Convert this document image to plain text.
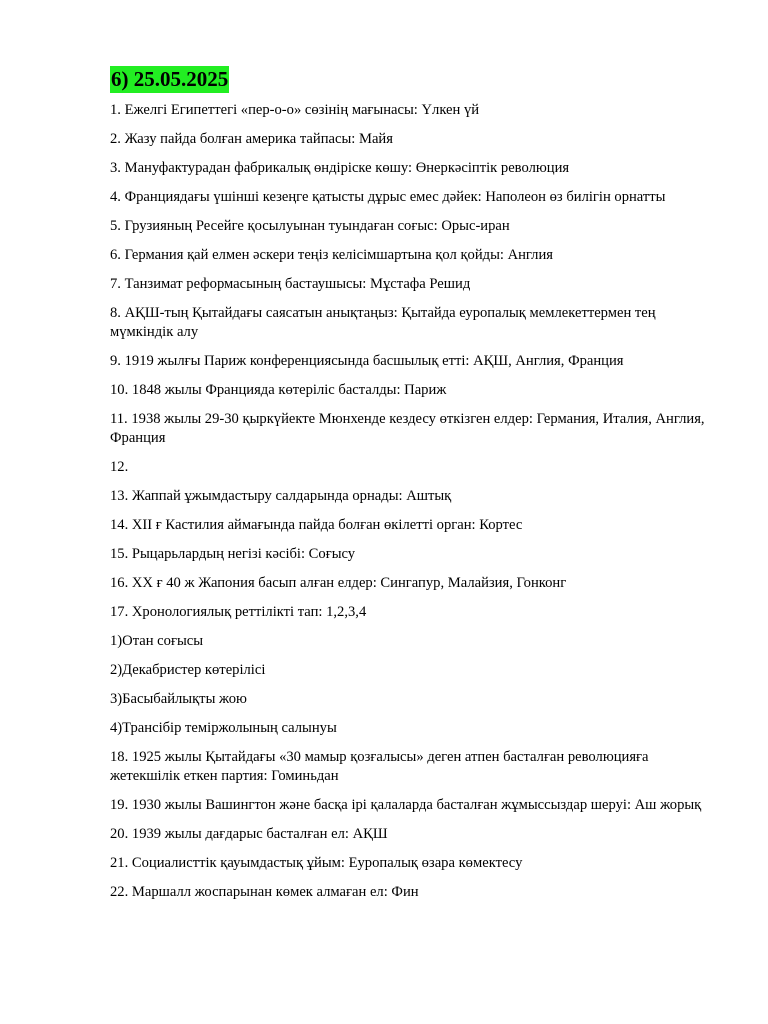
6) 25.05.2025
1. Ежелгі Египеттегі «пер-о-о» сөзінің мағынасы: Үлкен үй
2. Жазу пайда болған америка тайпасы: Майя
3. Мануфактурадан фабрикалық өндіріске көшу: Өнеркәсіптік революция
4. Франциядағы үшінші кезеңге қатысты дұрыс емес дәйек: Наполеон өз билігін орнатты
5. Грузияның Ресейге қосылуынан туындаған соғыс: Орыс-иран
6. Германия қай елмен әскери теңіз келісімшартына қол қойды: Англия
7. Танзимат реформасының бастаушысы: Мұстафа Решид
8. АҚШ-тың Қытайдағы саясатын анықтаңыз: Қытайда еуропалық мемлекеттермен тең мүмкіндік алу
9. 1919 жылғы Париж конференциясында басшылық етті: АҚШ, Англия, Франция
10. 1848 жылы Францияда көтеріліс басталды: Париж
11. 1938 жылы 29-30 қыркүйекте Мюнхенде кездесу өткізген елдер: Германия, Италия, Англия, Франция
12.
13. Жаппай ұжымдастыру салдарында орнады: Аштық
14. XII ғ Кастилия аймағында пайда болған өкілетті орган: Кортес
15. Рыцарьлардың негізі кәсібі: Соғысу
16. XX ғ 40 ж Жапония басып алған елдер: Сингапур, Малайзия, Гонконг
17. Хронологиялық реттілікті тап: 1,2,3,4
1)Отан соғысы
2)Декабристер көтерілісі
3)Басыбайлықты жою
4)Трансібір теміржолының салынуы
18. 1925 жылы Қытайдағы «30 мамыр қозғалысы» деген атпен басталған революцияға жетекшілік еткен партия: Гоминьдан
19. 1930 жылы Вашингтон және басқа ірі қалаларда басталған жұмыссыздар шеруі: Аш жорық
20. 1939 жылы дағдарыс басталған ел: АҚШ
21. Социалисттік қауымдастық ұйым: Еуропалық өзара көмектесу
22. Маршалл жоспарынан көмек алмаған ел: Фин
